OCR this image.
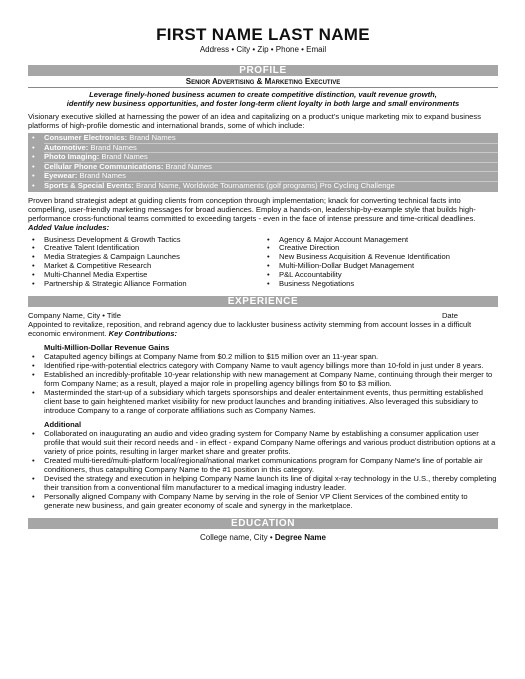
FIRST NAME LAST NAME
Address • City • Zip • Phone • Email
PROFILE
Senior Advertising & Marketing Executive
Leverage finely-honed business acumen to create competitive distinction, vault revenue growth,
identify new business opportunities, and foster long-term client loyalty in both large and small environments
Visionary executive skilled at harnessing the power of an idea and capitalizing on a product's unique marketing mix to expand business platforms of high-profile domestic and international brands, some of which include:
• Consumer Electronics: Brand Names
• Automotive: Brand Names
• Photo Imaging: Brand Names
• Cellular Phone Communications: Brand Names
• Eyewear: Brand Names
• Sports & Special Events: Brand Name, Worldwide Tournaments (golf programs) Pro Cycling Challenge
Proven brand strategist adept at guiding clients from conception through implementation; knack for converting technical facts into compelling, user-friendly marketing messages for broad audiences. Employ a hands-on, leadership-by-example style that builds high-performance cross-functional teams committed to exceeding targets - even in the face of intense pressure and time-critical deadlines. Added Value includes:
• Business Development & Growth Tactics
• Creative Talent Identification
• Media Strategies & Campaign Launches
• Market & Competitive Research
• Multi-Channel Media Expertise
• Partnership & Strategic Alliance Formation
• Agency & Major Account Management
• Creative Direction
• New Business Acquisition & Revenue Identification
• Multi-Million-Dollar Budget Management
• P&L Accountability
• Business Negotiations
EXPERIENCE
Company Name, City • Title	Date
Appointed to revitalize, reposition, and rebrand agency due to lackluster business activity stemming from account losses in a difficult economic environment. Key Contributions:
Multi-Million-Dollar Revenue Gains
• Catapulted agency billings at Company Name from $0.2 million to $15 million over an 11-year span.
• Identified ripe-with-potential electrics category with Company Name to vault agency billings more than 10-fold in just under 8 years.
• Established an incredibly-profitable 10-year relationship with new management at Company Name, continuing through their merger to form Company Name; as a result, played a major role in propelling agency billings from $0 to $3 million.
• Masterminded the start-up of a subsidiary which targets sponsorships and dealer entertainment events, thus permitting established client base to gain heightened market visibility for new product launches and branding initiatives. Also leveraged this subsidiary to introduce Company to a range of corporate affiliations such as Company Names.
Additional
• Collaborated on inaugurating an audio and video grading system for Company Name by establishing a consumer application user profile that would suit their record needs and - in effect - expand Company Name offerings and various product distribution options at a variety of price points, resulting in larger market share and greater profits.
• Created multi-tiered/multi-platform local/regional/national market communications program for Company Name's line of portable air conditioners, thus catapulting Company Name to the #1 position in this category.
• Devised the strategy and execution in helping Company Name launch its line of digital x-ray technology in the U.S., thereby completing their transition from a conventional film manufacturer to a medical imaging industry leader.
• Personally aligned Company with Company Name by serving in the role of Senior VP Client Services of the combined entity to generate new business, and gain greater economy of scale and synergy in the marketplace.
EDUCATION
College name, City • Degree Name
